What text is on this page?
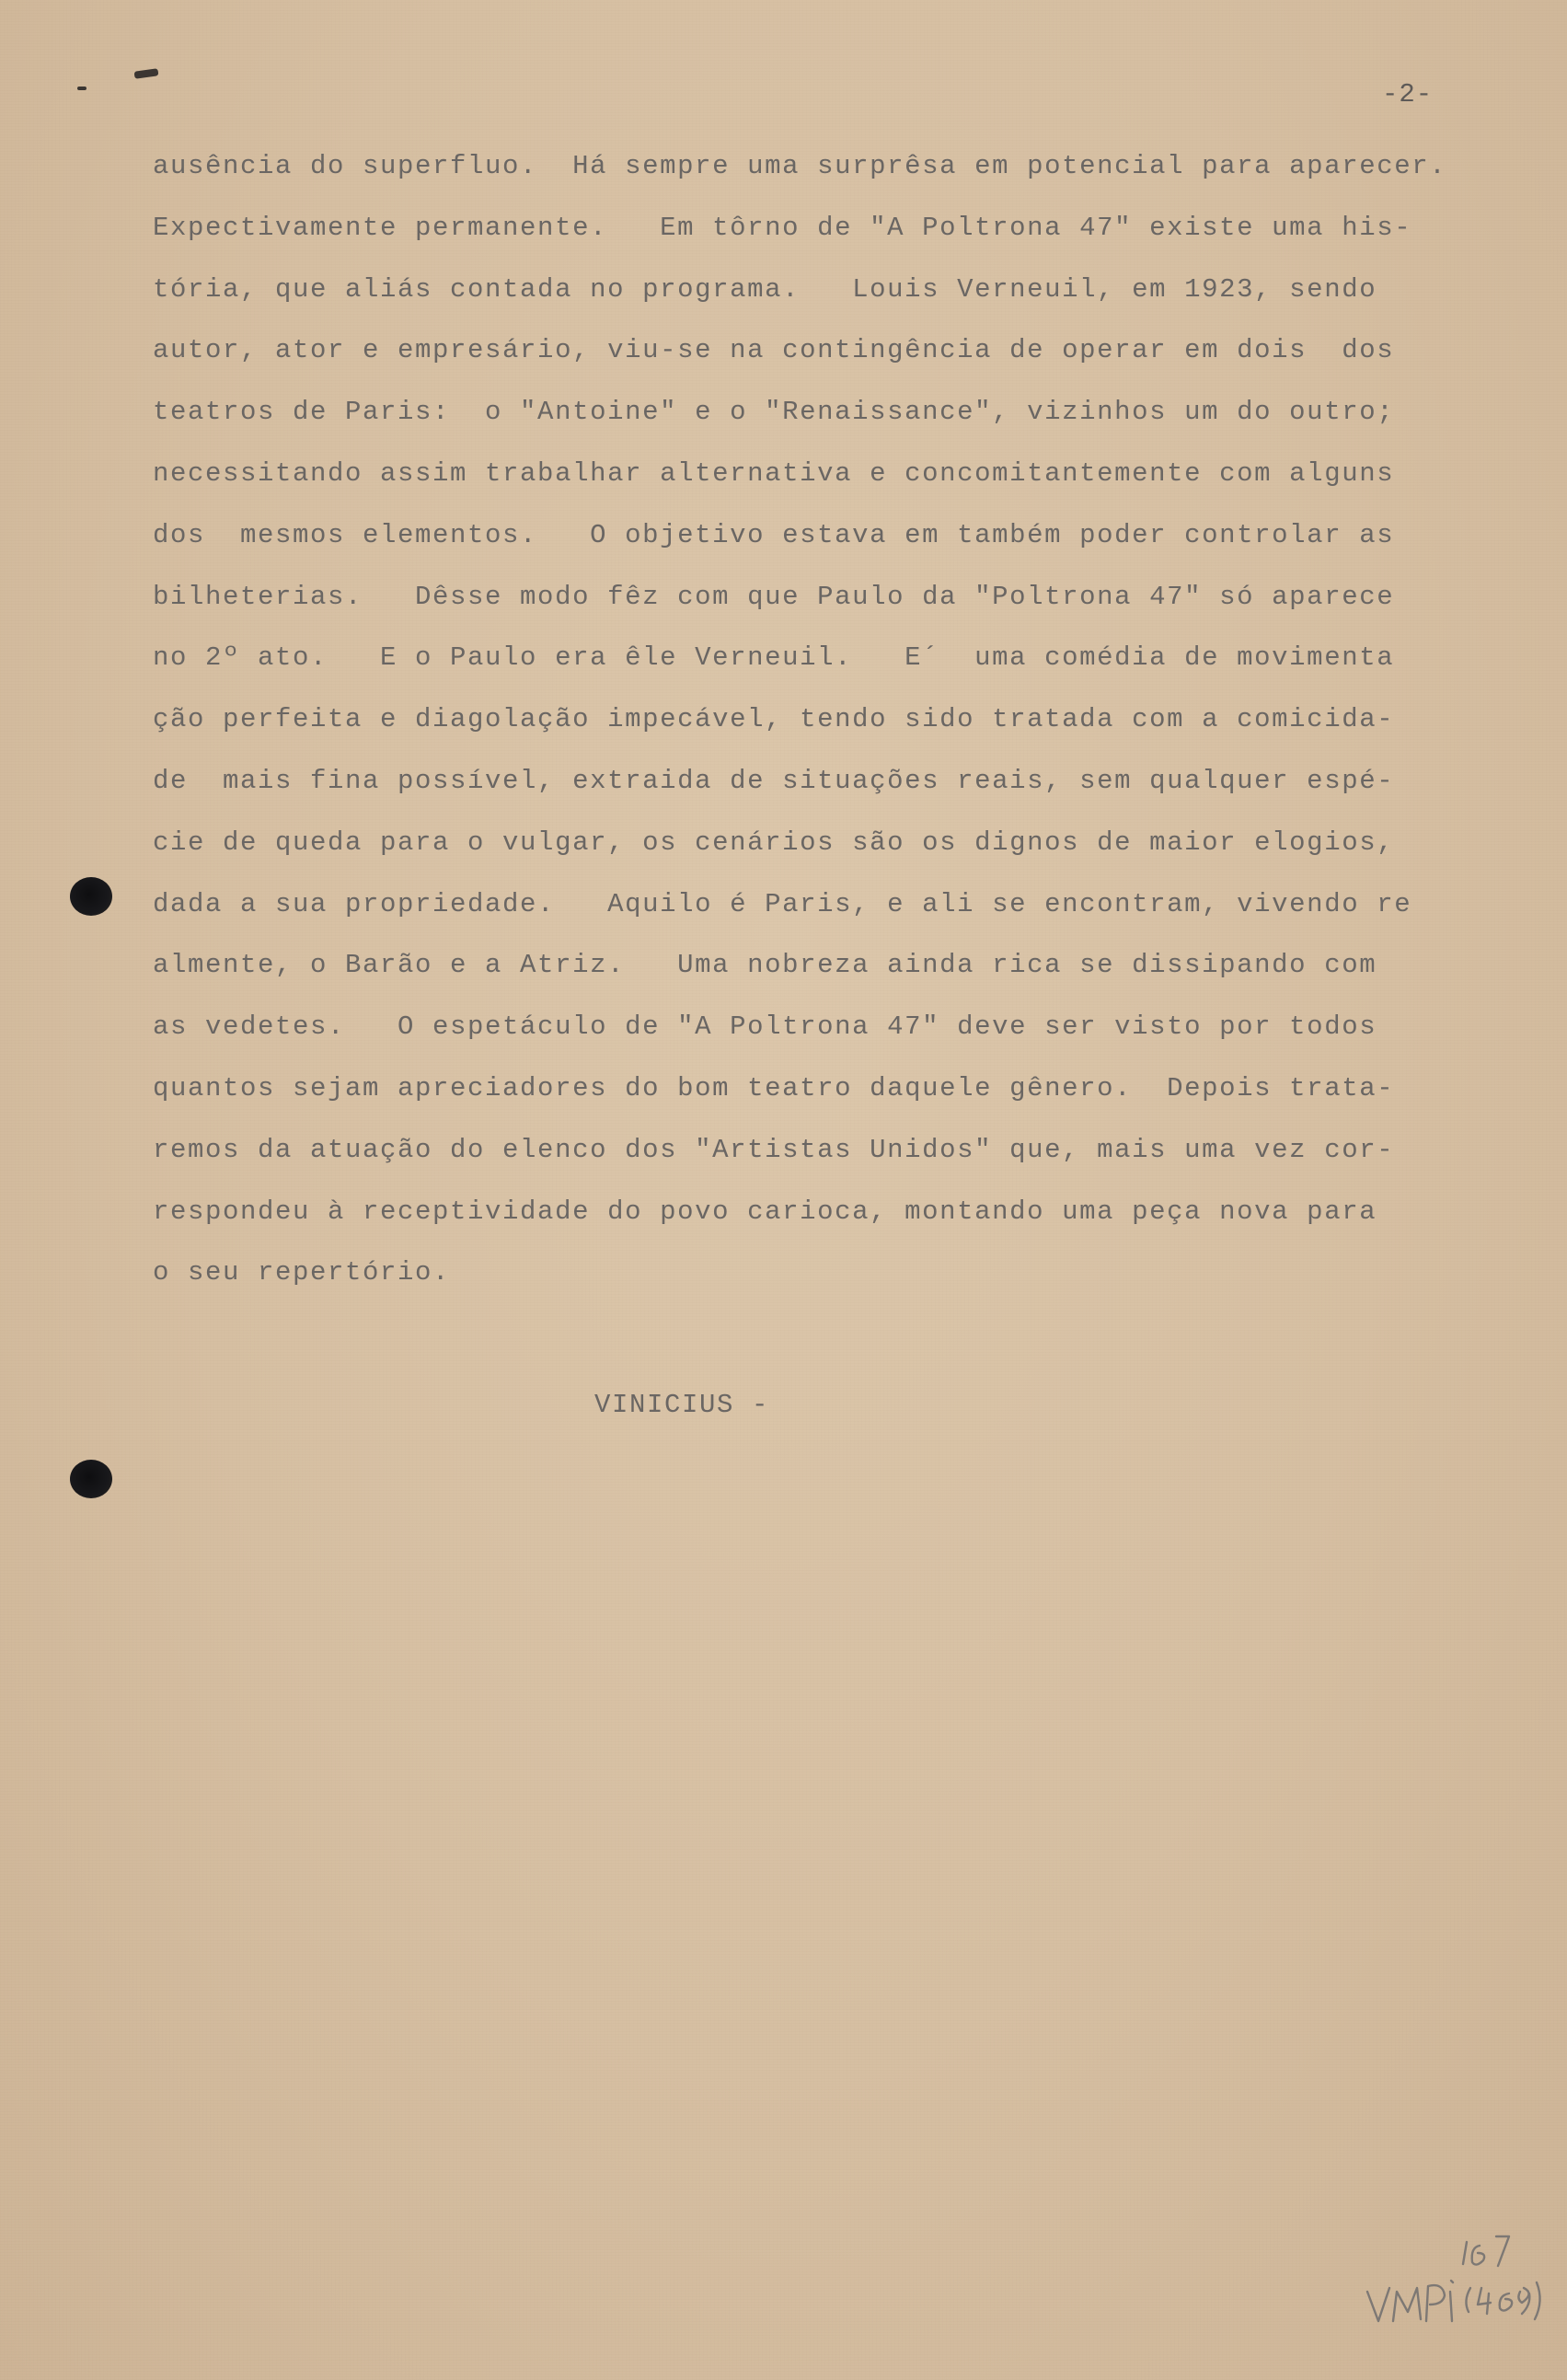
-2-
ausência do superfluo.  Há sempre uma surprêsa em potencial para aparecer.
Expectivamente permanente.   Em tôrno de "A Poltrona 47" existe uma his-
tória, que aliás contada no programa.   Louis Verneuil, em 1923, sendo
autor, ator e empresário, viu-se na contingência de operar em dois  dos
teatros de Paris:  o "Antoine" e o "Renaissance", vizinhos um do outro;
necessitando assim trabalhar alternativa e concomitantemente com alguns
dos  mesmos elementos.   O objetivo estava em também poder controlar as
bilheterias.   Dêsse modo fêz com que Paulo da "Poltrona 47" só aparece
no 2º ato.   E o Paulo era êle Verneuil.   E´  uma comédia de movimenta
ção perfeita e diagolação impecável, tendo sido tratada com a comicida-
de  mais fina possível, extraida de situações reais, sem qualquer espé-
cie de queda para o vulgar, os cenários são os dignos de maior elogios,
dada a sua propriedade.   Aquilo é Paris, e ali se encontram, vivendo re
almente, o Barão e a Atriz.   Uma nobreza ainda rica se dissipando com
as vedetes.   O espetáculo de "A Poltrona 47" deve ser visto por todos
quantos sejam apreciadores do bom teatro daquele gênero.  Depois trata-
remos da atuação do elenco dos "Artistas Unidos" que, mais uma vez cor-
respondeu à receptividade do povo carioca, montando uma peça nova para
o seu repertório.
VINICIUS -
